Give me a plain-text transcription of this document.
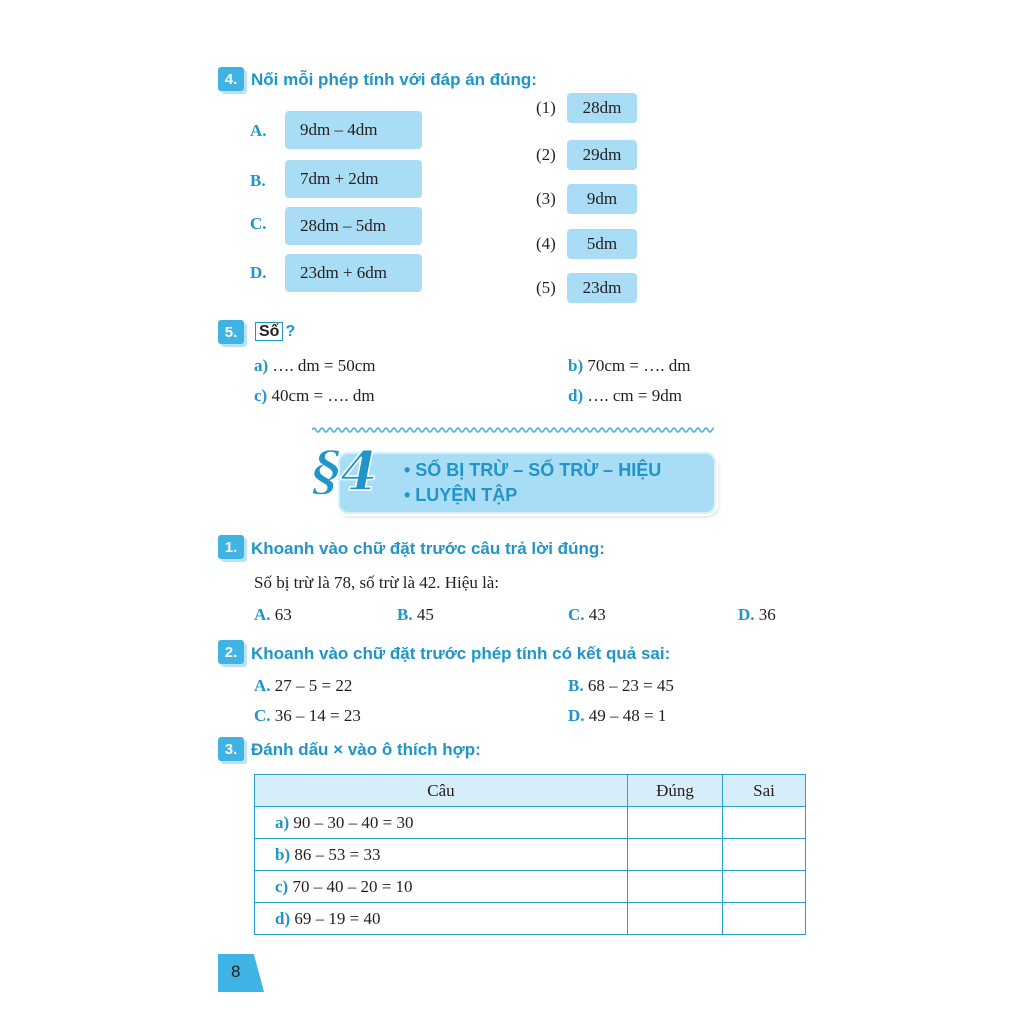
4. Nối mỗi phép tính với đáp án đúng:
A.	9dm – 4dm
B.	7dm + 2dm
C.	28dm – 5dm
D.	23dm + 6dm
(1)	28dm
(2)	29dm
(3)	9dm
(4)	5dm
(5)	23dm
5.	Số ?
a) …. dm = 50cm	b) 70cm = …. dm
c) 40cm = …. dm	d) …. cm = 9dm
§4 • SỐ BỊ TRỪ – SỐ TRỪ – HIỆU
• LUYỆN TẬP
1. Khoanh vào chữ đặt trước câu trả lời đúng:
Số bị trừ là 78, số trừ là 42. Hiệu là:
A. 63	B. 45	C. 43	D. 36
2. Khoanh vào chữ đặt trước phép tính có kết quả sai:
A. 27 – 5 = 22	B. 68 – 23 = 45
C. 36 – 14 = 23	D. 49 – 48 = 1
3. Đánh dấu × vào ô thích hợp:
Câu	Đúng	Sai
a) 90 – 30 – 40 = 30		
b) 86 – 53 = 33		
c) 70 – 40 – 20 = 10		
d) 69 – 19 = 40		
8
